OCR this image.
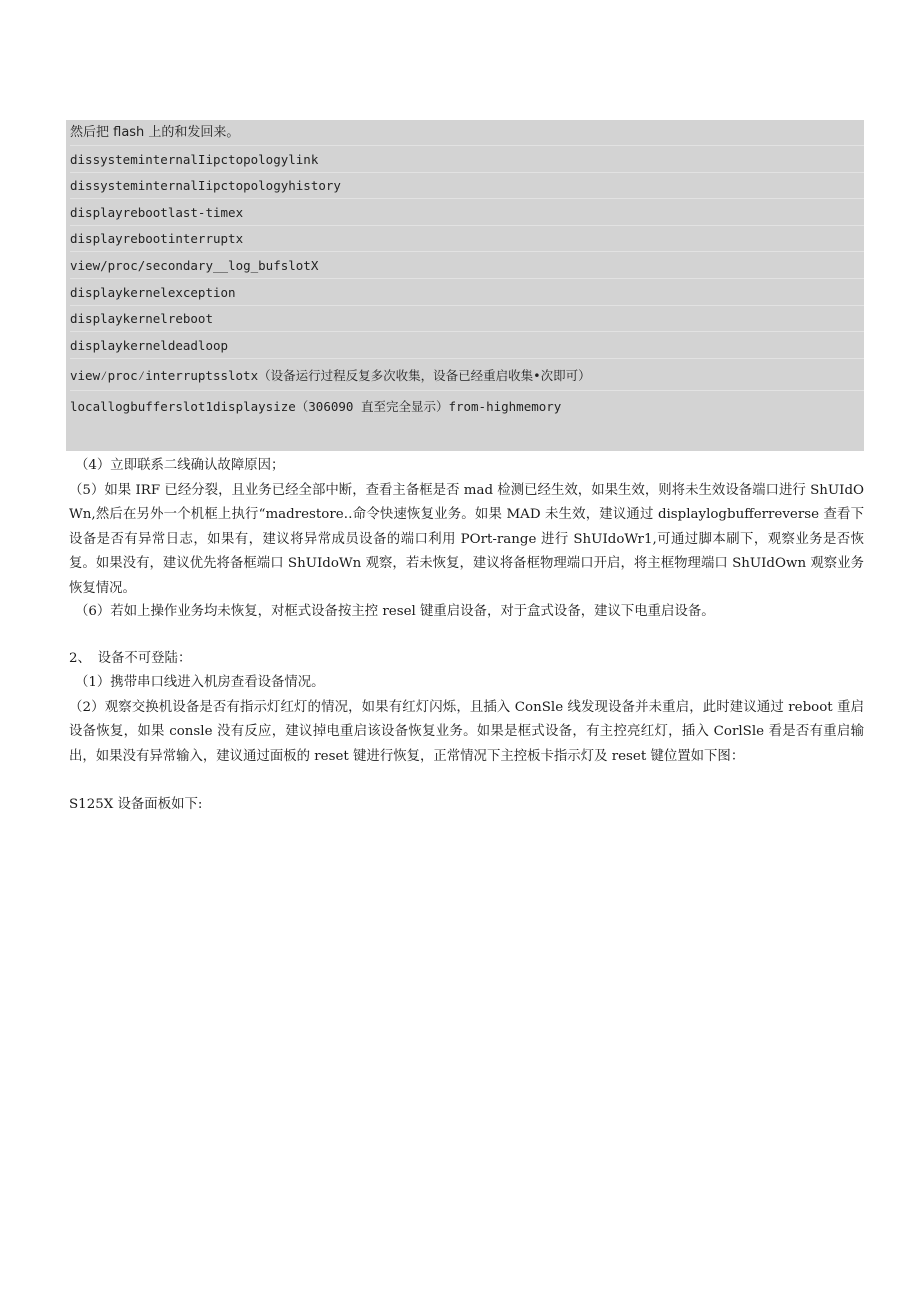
然后把 flash 上的和发回来。
dissysteminternalIipctopologylink
dissysteminternalIipctopologyhistory
displayrebootlast-timex
displayrebootinterruptx
view/proc/secondary__log_bufslotX
displaykernelexception
displaykernelreboot
displaykerneldeadloop
view⁄proc⁄interruptsslotx（设备运行过程反复多次收集，设备已经重启收集•次即可）
locallogbufferslot1displaysize（306090 直至完全显示）from-highmemory
（4）立即联系二线确认故障原因；
（5）如果 IRF 已经分裂，且业务已经全部中断，查看主备框是否 mad 检测已经生效，如果生效，则将未生效设备端口进行 ShUIdOWn,然后在另外一个机框上执行“madrestore‥命令快速恢复业务。如果 MAD 未生效，建议通过 displaylogbufferreverse 查看下设备是否有异常日志，如果有，建议将异常成员设备的端口利用 POrt-range 进行 ShUIdoWr1,可通过脚本刷下，观察业务是否恢复。如果没有，建议优先将备框端口 ShUIdoWn 观察，若未恢复，建议将备框物理端口开启，将主框物理端口 ShUIdOwn 观察业务恢复情况。
（6）若如上操作业务均未恢复，对框式设备按主控 resel 键重启设备，对于盒式设备，建议下电重启设备。
2、　设备不可登陆：
（1）携带串口线进入机房查看设备情况。
（2）观察交换机设备是否有指示灯红灯的情况，如果有红灯闪烁，且插入 ConSle 线发现设备并未重启，此时建议通过 reboot 重启设备恢复，如果 consle 没有反应，建议掉电重启该设备恢复业务。如果是框式设备，有主控亮红灯，插入 CorlSle 看是否有重启输出，如果没有异常输入，建议通过面板的 reset 键进行恢复，正常情况下主控板卡指示灯及 reset 键位置如下图：
S125X 设备面板如下:
